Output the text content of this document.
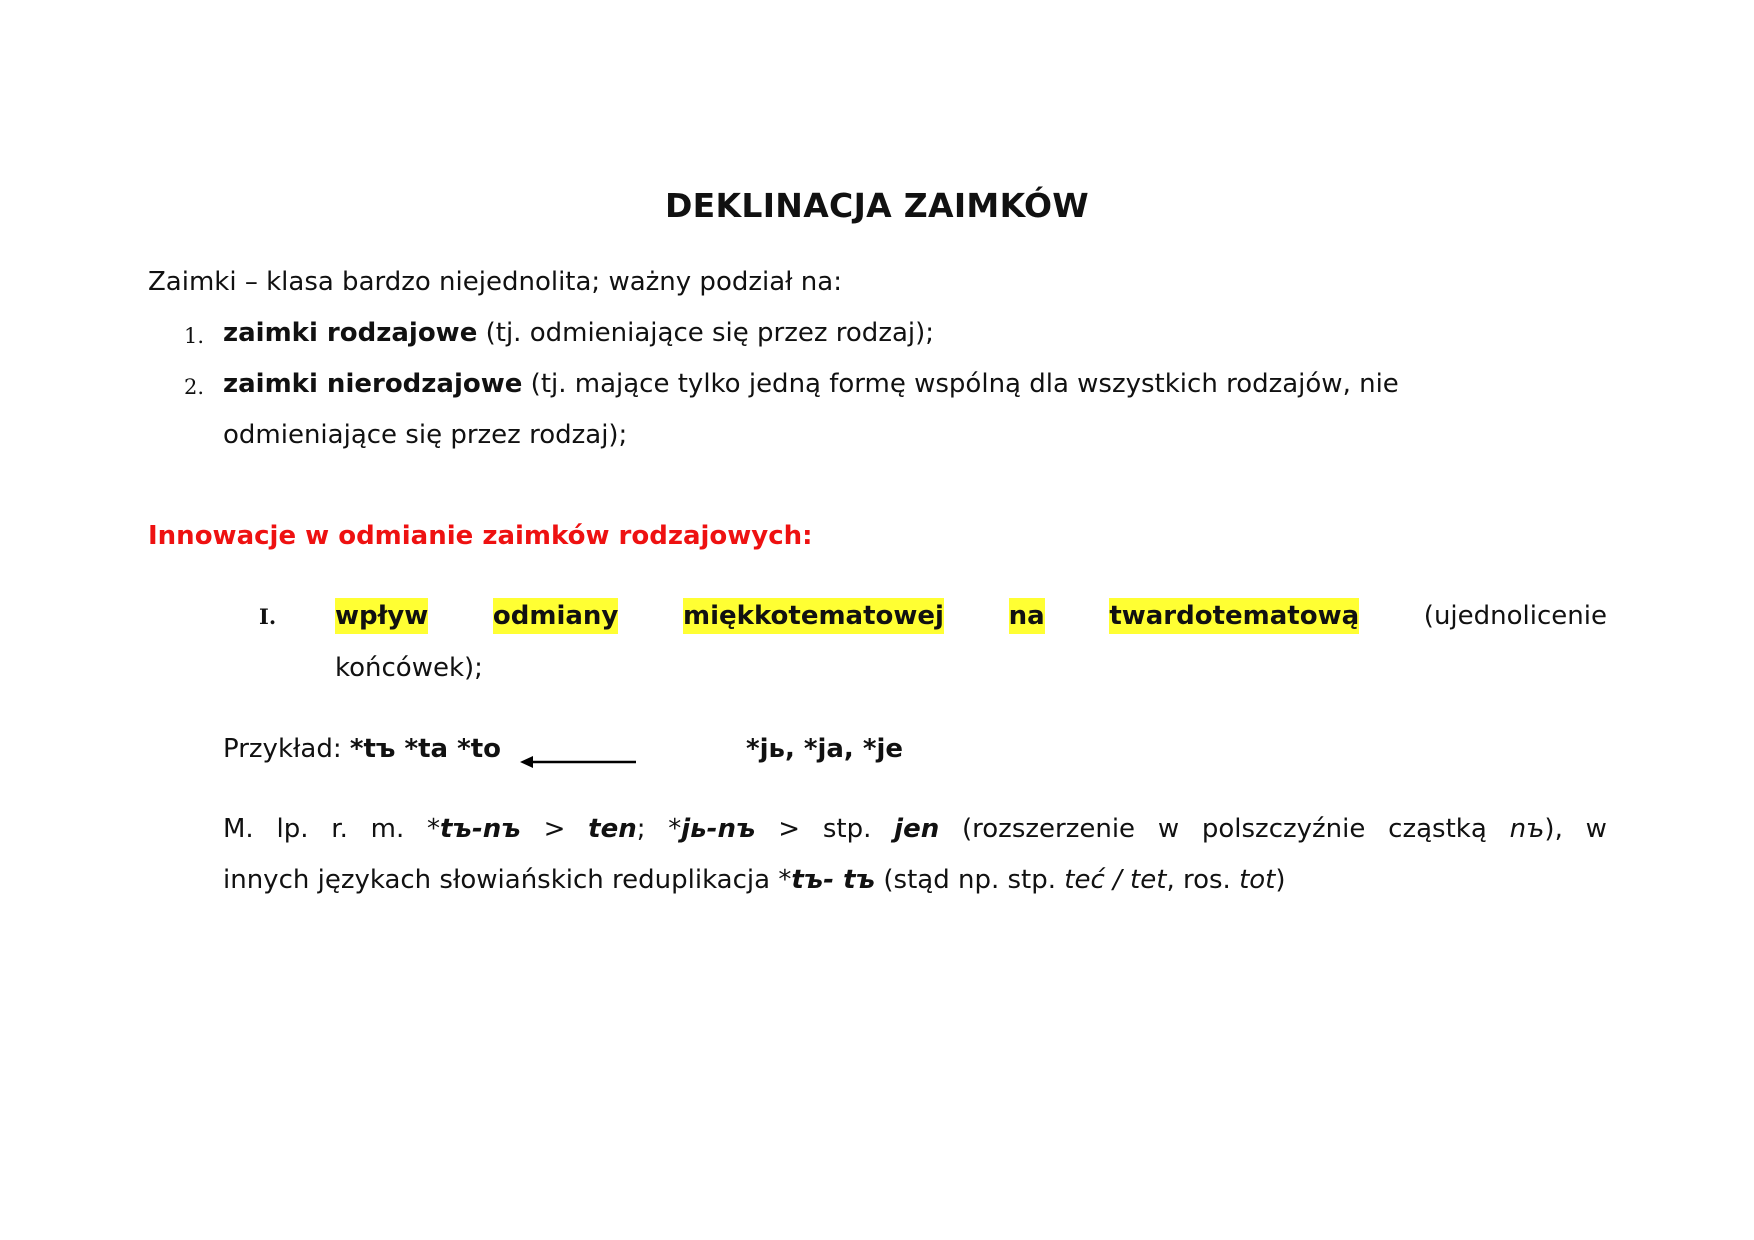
DEKLINACJA ZAIMKÓW
Zaimki – klasa bardzo niejednolita; ważny podział na:
1. zaimki rodzajowe (tj. odmieniające się przez rodzaj);
2. zaimki nierodzajowe (tj. mające tylko jedną formę wspólną dla wszystkich rodzajów, nie
odmieniające się przez rodzaj);
Innowacje w odmianie zaimków rodzajowych:
I. wpływ odmiany miękkotematowej na twardotematową (ujednolicenie
końcówek);
Przykład: *tъ *ta *to	*jь, *ja, *je
M. lp. r. m. *tъ-nъ > ten; *jь-nъ > stp. jen (rozszerzenie w polszczyźnie cząstką nъ), w
innych językach słowiańskich reduplikacja *tъ- tъ (stąd np. stp. teć / tet, ros. tot)
